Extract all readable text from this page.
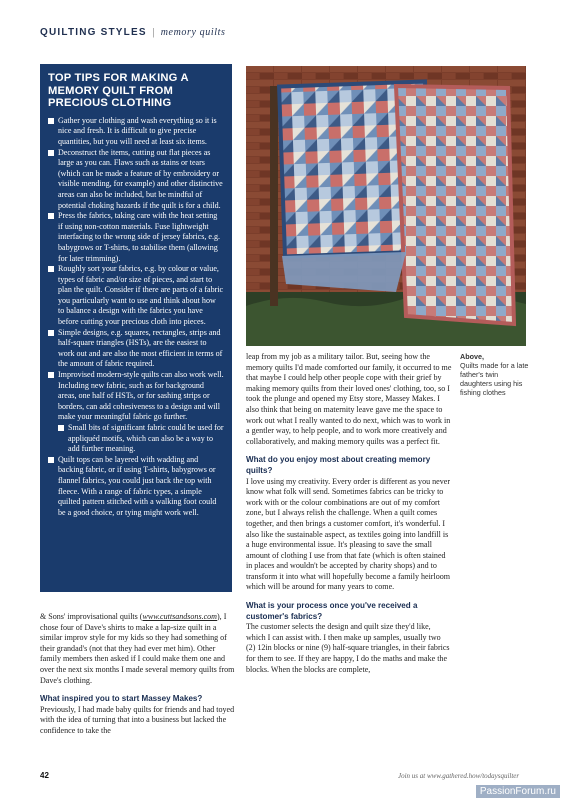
QUILTING STYLES | memory quilts
TOP TIPS FOR MAKING A MEMORY QUILT FROM PRECIOUS CLOTHING
Gather your clothing and wash everything so it is nice and fresh. It is difficult to give precise quantities, but you will need at least six items.
Deconstruct the items, cutting out flat pieces as large as you can. Flaws such as stains or tears (which can be made a feature of by embroidery or visible mending, for example) and other distinctive areas can also be included, but be mindful of potential choking hazards if the quilt is for a child.
Press the fabrics, taking care with the heat setting if using non-cotton materials. Fuse lightweight interfacing to the wrong side of jersey fabrics, e.g. babygrows or T-shirts, to stabilise them (allowing for later trimming).
Roughly sort your fabrics, e.g. by colour or value, types of fabric and/or size of pieces, and start to plan the quilt. Consider if there are parts of a fabric you particularly want to use and think about how to balance a design with the fabrics you have before cutting your precious cloth into pieces.
Simple designs, e.g. squares, rectangles, strips and half-square triangles (HSTs), are the easiest to work out and are also the most efficient in terms of the amount of fabric required.
Improvised modern-style quilts can also work well. Including new fabric, such as for background areas, one half of HSTs, or for sashing strips or borders, can add cohesiveness to a design and will make your meaningful fabric go further.
Small bits of significant fabric could be used for appliquéd motifs, which can also be a way to add further meaning.
Quilt tops can be layered with wadding and backing fabric, or if using T-shirts, babygrows or flannel fabrics, you could just back the top with fleece. With a range of fabric types, a simple quilted pattern stitched with a walking foot could be a good choice, or tying might work well.
Above,
Quilts made for a late father's twin daughters using his fishing clothes

& Sons' improvisational quilts (www.cuttsandsons.com), I chose four of Dave's shirts to make a lap-size quilt in a similar improv style for my kids so they had something of their grandad's (not that they had ever met him). Other family members then asked if I could make them one and over the next six months I made several memory quilts from Dave's clothing.

What inspired you to start Massey Makes?

Previously, I had made baby quilts for friends and had toyed with the idea of turning that into a business but lacked the confidence to take the

leap from my job as a military tailor. But, seeing how the memory quilts I'd made comforted our family, it occurred to me that maybe I could help other people cope with their grief by making memory quilts from their loved ones' clothing, too, so I took the plunge and opened my Etsy store, Massey Makes. I also think that being on maternity leave gave me the space to work out what I really wanted to do next, which was to work in a gentler way, to help people, and to work more creatively and collaboratively, and making memory quilts was a perfect fit.

What do you enjoy most about creating memory quilts?

I love using my creativity. Every order is different as you never know what folk will send. Sometimes fabrics can be tricky to work with or the colour combinations are out of my comfort zone, but I always relish the challenge. When a quilt comes together, and then brings a customer comfort, it's wonderful. I also like the sustainable aspect, as textiles going into landfill is a huge environmental issue. It's pleasing to save the small amount of clothing I use from that fate (which is often stained in places and wouldn't be accepted by charity shops) and to transform it into what will hopefully become a family heirloom which will be around for many years to come.

What is your process once you've received a customer's fabrics?

The customer selects the design and quilt size they'd like, which I can assist with. I then make up samples, usually two (2) 12in blocks or nine (9) half-square triangles, in their fabrics for them to see. If they are happy, I do the maths and make the blocks. When the blocks are complete,

42	Join us at www.gathered.how/todaysquilter
PassionForum.ru
